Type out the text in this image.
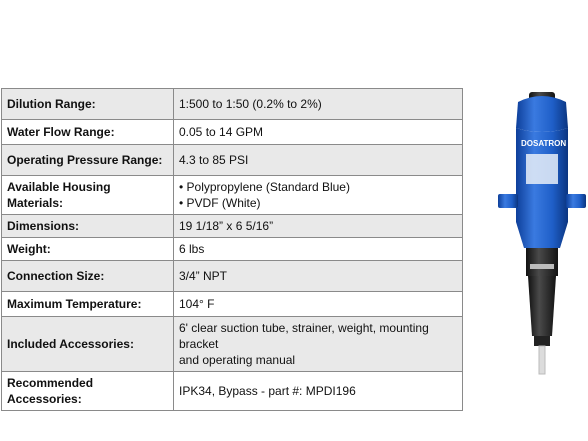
Dilution Range:	1:500 to 1:50 (0.2% to 2%)

Water Flow Range:	0.05 to 14 GPM

Operating Pressure Range:	4.3 to 85 PSI

Available Housing Materials:	• Polypropylene (Standard Blue)
• PVDF (White)

Dimensions:	19 1/18” x 6 5/16”

Weight:	6 lbs

Connection Size:	3/4” NPT

Maximum Temperature:	104° F

Included Accessories:	6' clear suction tube, strainer, weight, mounting bracket
and operating manual

Recommended Accessories:	IPK34, Bypass - part #: MPDI196
DOSATRON
